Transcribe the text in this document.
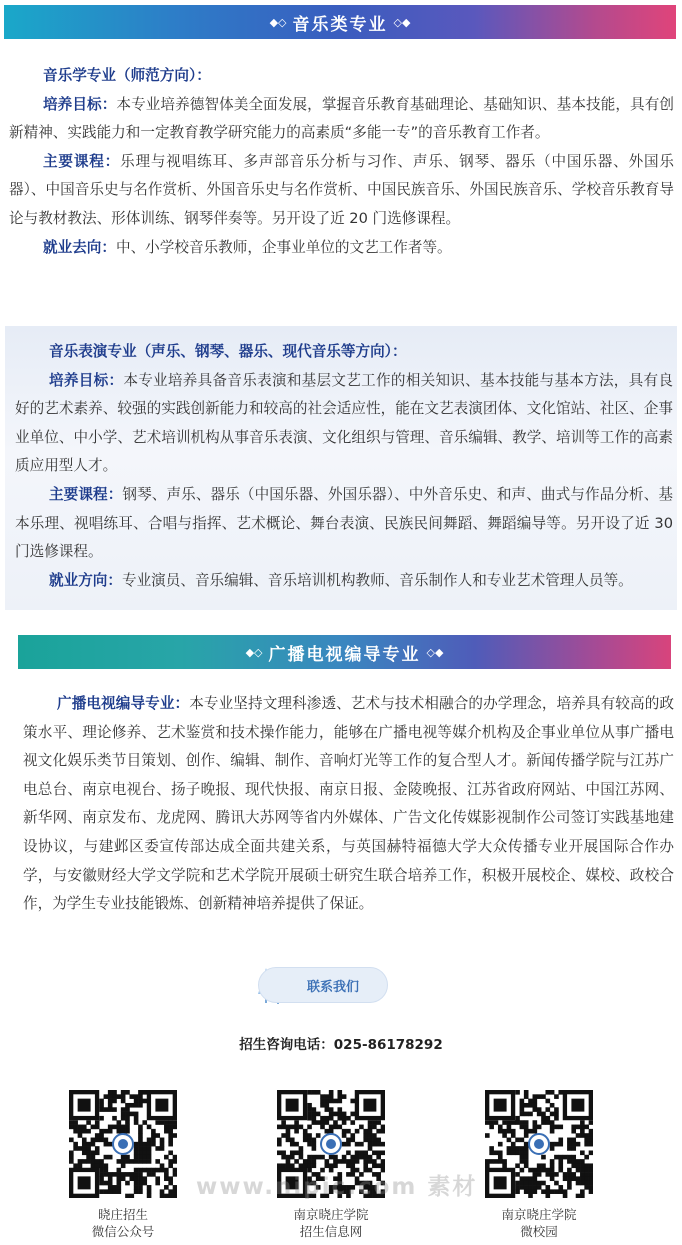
◆◇ 音乐类专业 ◇◆

音乐学专业（师范方向）：

培养目标：本专业培养德智体美全面发展，掌握音乐教育基础理论、基础知识、基本技能，具有创新精神、实践能力和一定教育教学研究能力的高素质“多能一专”的音乐教育工作者。

主要课程：乐理与视唱练耳、多声部音乐分析与习作、声乐、钢琴、器乐（中国乐器、外国乐器）、中国音乐史与名作赏析、外国音乐史与名作赏析、中国民族音乐、外国民族音乐、学校音乐教育导论与教材教法、形体训练、钢琴伴奏等。另开设了近 20 门选修课程。

就业去向：中、小学校音乐教师，企事业单位的文艺工作者等。

音乐表演专业（声乐、钢琴、器乐、现代音乐等方向）：

培养目标：本专业培养具备音乐表演和基层文艺工作的相关知识、基本技能与基本方法，具有良好的艺术素养、较强的实践创新能力和较高的社会适应性，能在文艺表演团体、文化馆站、社区、企事业单位、中小学、艺术培训机构从事音乐表演、文化组织与管理、音乐编辑、教学、培训等工作的高素质应用型人才。

主要课程：钢琴、声乐、器乐（中国乐器、外国乐器）、中外音乐史、和声、曲式与作品分析、基本乐理、视唱练耳、合唱与指挥、艺术概论、舞台表演、民族民间舞蹈、舞蹈编导等。另开设了近 30 门选修课程。

就业方向：专业演员、音乐编辑、音乐培训机构教师、音乐制作人和专业艺术管理人员等。

◆◇ 广播电视编导专业 ◇◆

广播电视编导专业：本专业坚持文理科渗透、艺术与技术相融合的办学理念，培养具有较高的政策水平、理论修养、艺术鉴赏和技术操作能力，能够在广播电视等媒介机构及企事业单位从事广播电视文化娱乐类节目策划、创作、编辑、制作、音响灯光等工作的复合型人才。新闻传播学院与江苏广电总台、南京电视台、扬子晚报、现代快报、南京日报、金陵晚报、江苏省政府网站、中国江苏网、新华网、南京发布、龙虎网、腾讯大苏网等省内外媒体、广告文化传媒影视制作公司签订实践基地建设协议，与建邺区委宣传部达成全面共建关系，与英国赫特福德大学大众传播专业开展国际合作办学，与安徽财经大学文学院和艺术学院开展硕士研究生联合培养工作，积极开展校企、媒校、政校合作，为学生专业技能锻炼、创新精神培养提供了保证。

联系我们
招生咨询电话：025-86178292
晓庄招生
微信公众号
南京晓庄学院
招生信息网
南京晓庄学院
微校园
www.nipic.com 素材
